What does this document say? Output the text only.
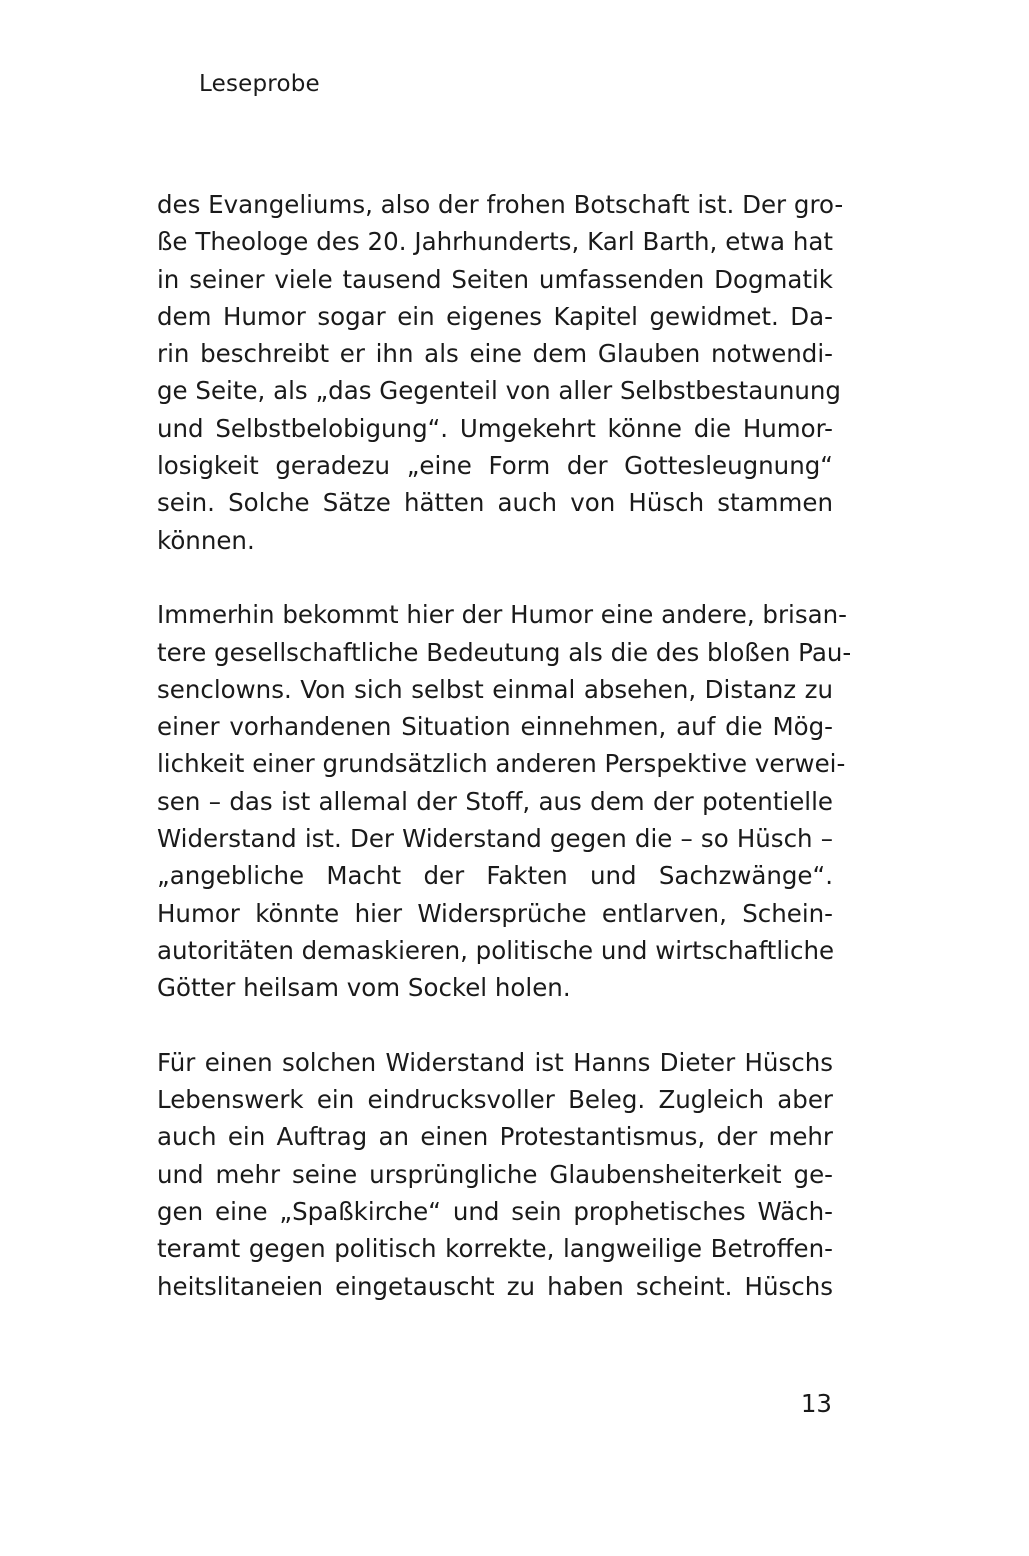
Leseprobe
des Evangeliums, also der frohen Botschaft ist. Der gro-
ße Theologe des 20. Jahrhunderts, Karl Barth, etwa hat
in seiner viele tausend Seiten umfassenden Dogmatik
dem Humor sogar ein eigenes Kapitel gewidmet. Da-
rin beschreibt er ihn als eine dem Glauben notwendi-
ge Seite, als „das Gegenteil von aller Selbstbestaunung
und Selbstbelobigung“. Umgekehrt könne die Humor-
losigkeit geradezu „eine Form der Gottesleugnung“
sein. Solche Sätze hätten auch von Hüsch stammen
können.
Immerhin bekommt hier der Humor eine andere, brisan-
tere gesellschaftliche Bedeutung als die des bloßen Pau-
senclowns. Von sich selbst einmal absehen, Distanz zu
einer vorhandenen Situation einnehmen, auf die Mög-
lichkeit einer grundsätzlich anderen Perspektive verwei-
sen – das ist allemal der Stoff, aus dem der potentielle
Widerstand ist. Der Widerstand gegen die – so Hüsch –
„angebliche Macht der Fakten und Sachzwänge“.
Humor könnte hier Widersprüche entlarven, Schein-
autoritäten demaskieren, politische und wirtschaftliche
Götter heilsam vom Sockel holen.
Für einen solchen Widerstand ist Hanns Dieter Hüschs
Lebenswerk ein eindrucksvoller Beleg. Zugleich aber
auch ein Auftrag an einen Protestantismus, der mehr
und mehr seine ursprüngliche Glaubensheiterkeit ge-
gen eine „Spaßkirche“ und sein prophetisches Wäch-
teramt gegen politisch korrekte, langweilige Betroffen-
heitslitaneien eingetauscht zu haben scheint. Hüschs
13
